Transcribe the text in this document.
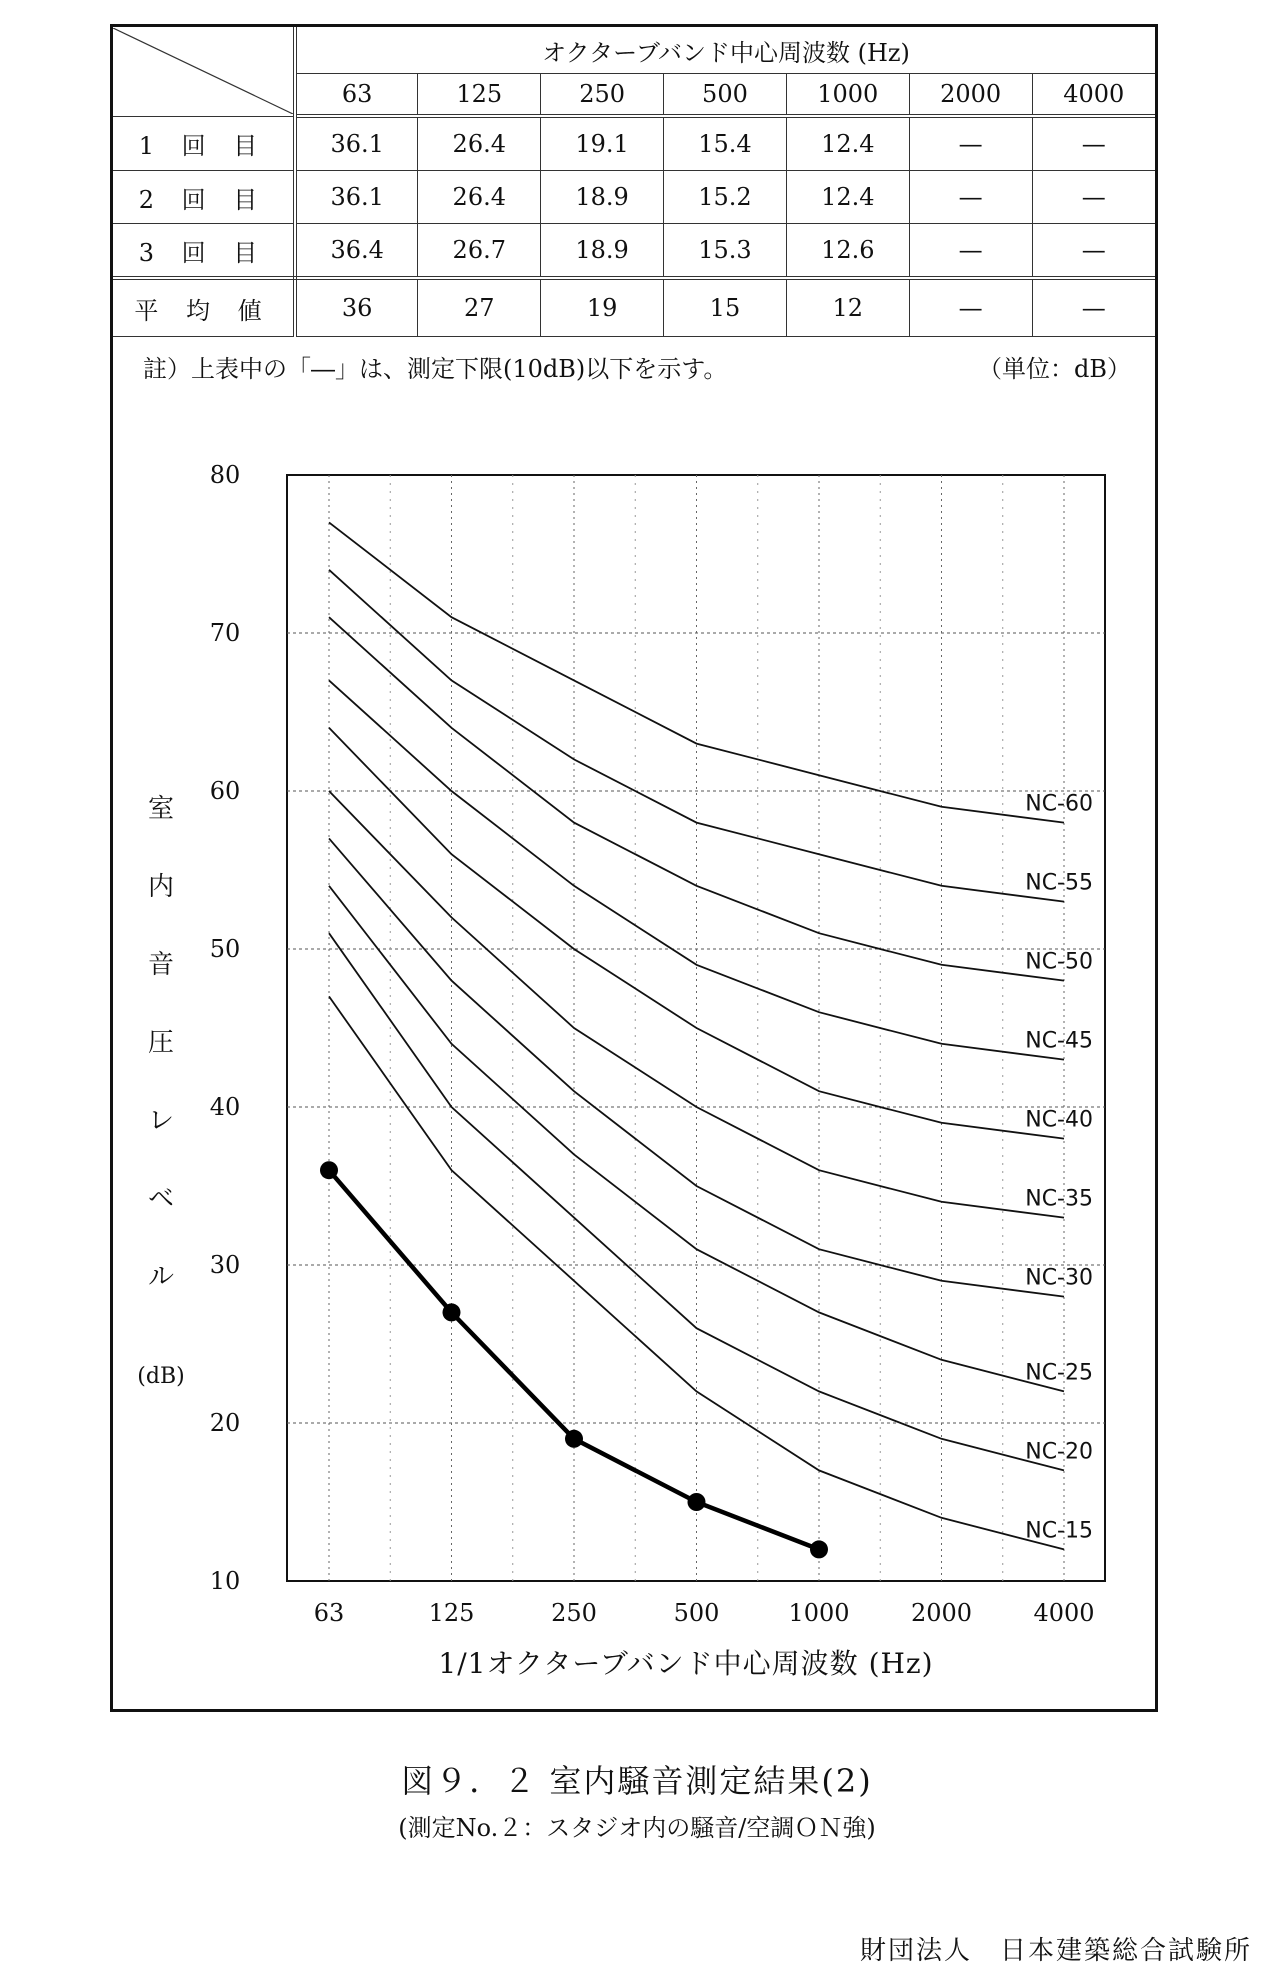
	オクターブバンド中心周波数 (Hz)						
	63	125	250	500	1000	2000	4000
1 回 目	36.1	26.4	19.1	15.4	12.4	—	—
2 回 目	36.1	26.4	18.9	15.2	12.4	—	—
3 回 目	36.4	26.7	18.9	15.3	12.6	—	—
平 均 値	36	27	19	15	12	—	—
註）上表中の「―」は、測定下限(10dB)以下を示す。	（単位：dB）
10
20
30
40
50
60
70
80
63	125	250	500	1000	2000	4000
NC-60
NC-55
NC-50
NC-45
NC-40
NC-35
NC-30
NC-25
NC-20
NC-15
室
内
音
圧
レ
ベ
ル
(dB)
1/1オクターブバンド中心周波数 (Hz)
図９．２ 室内騒音測定結果(2)
(測定No.２：スタジオ内の騒音/空調ＯＮ強)
財団法人　日本建築総合試験所
